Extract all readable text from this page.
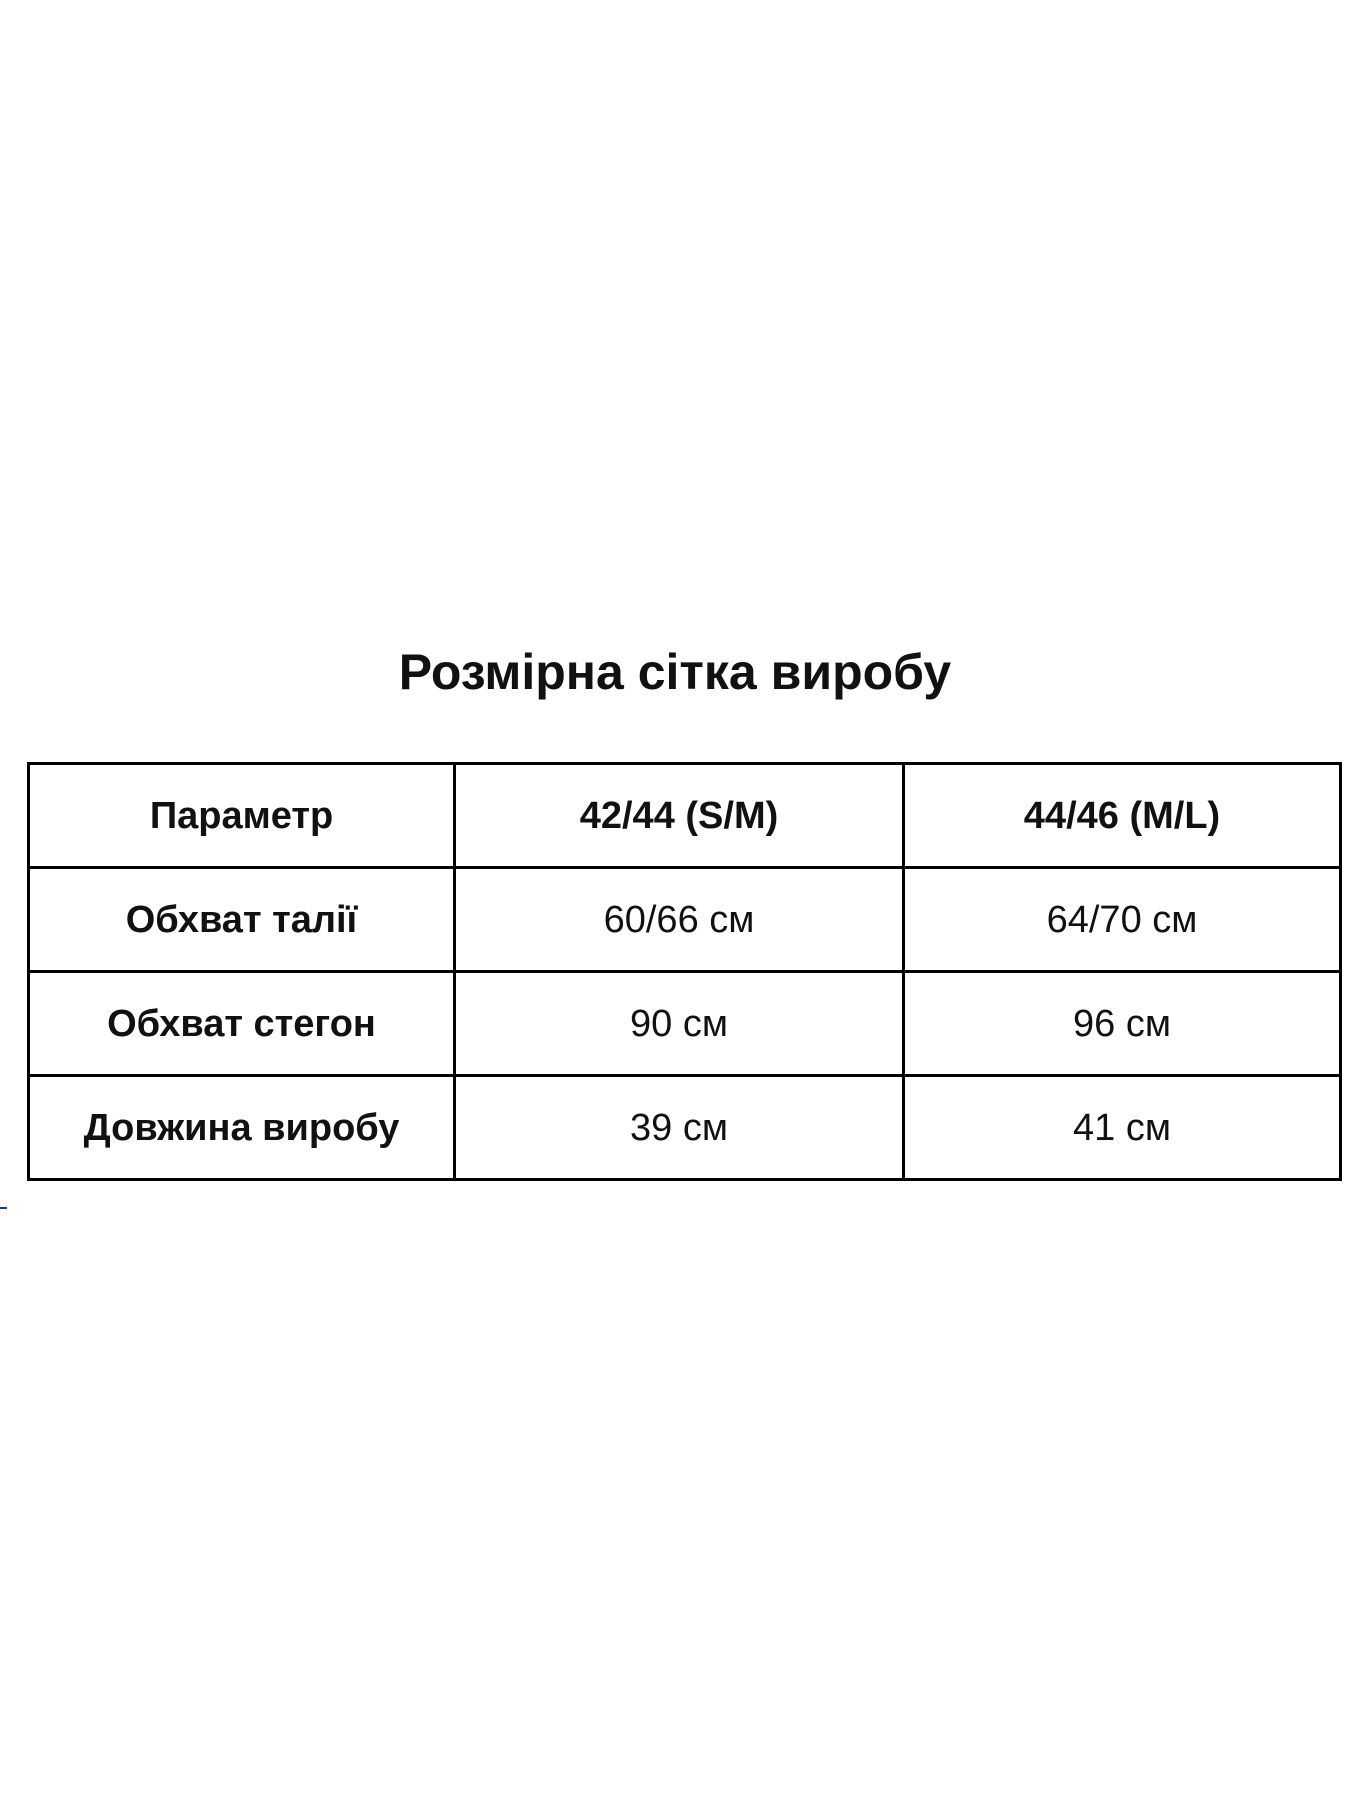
Розмірна сітка виробу
Параметр	42/44 (S/M)	44/46 (M/L)
Обхват талії	60/66 см	64/70 см
Обхват стегон	90 см	96 см
Довжина виробу	39 см	41 см
